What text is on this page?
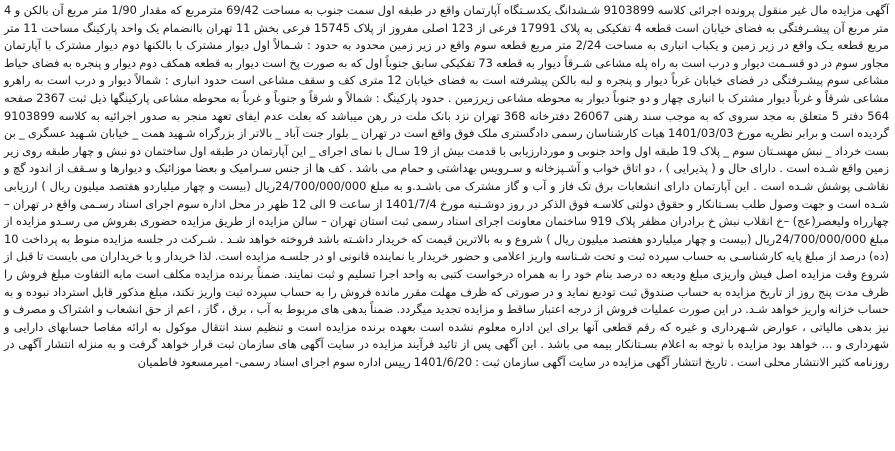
آگهی مزایده مال غیر منقول پرونده اجرائی کلاسه 9103899 شـشدانگ یکدسـتگاه آپارتمان واقع در طبقه اول سمت جنوب به مساحت 69/42 مترمربع که مقدار 1/90 متر مربع آن بالکن و 4 متر مربع آن پیشـرفتگی به فضای خیابان است قطعه 4 تفکیکی به پلاک 17991 فرعی از 123 اصلی مفروز از پلاک 15745 فرعی بخش 11 تهران باانضمام یک واحد پارکینگ مساحت 11 متر مربع قطعه یـک واقع در زیر زمین و یکباب انباری به مساحت 2/24 متر مربع قطعه سوم واقع در زیر زمین محدود به حدود : شـمالاً اول دیوار مشترک با بالکنها دوم دیوار مشترک با آپارتمان مجاور سوم در دو قسـمت دیوار و درب است به راه پله مشاعی شـرقاً دیوار به قطعه 73 تفکیکی سابق جنوباً اول که به صورت پخ است دیوار به قطعه همکف دوم دیوار و پنجره به فضای حیاط مشاعی سوم پیشـرفتگی در فضای خیابان غرباً دیوار و پنجره و لبه بالکن پیشرفته است به فضای خیابان 12 متری کف و سقف مشاعی است حدود انباری : شمالاً دیوار و درب است به راهرو مشاعی شرقاً و غرباً دیوار مشترک با انباری چهار و دو جنوباً دیوار به محوطه مشاعی زیرزمین . حدود پارکینگ : شمالاً و شرقاً و جنوباً و غرباً به محوطه مشاعی پارکینگها ذیل ثبت 2367 صفحه 564 دفتر 5 متعلق به مجد سروی که به موجب سند رهنی 26067 دفترخانه 368 تهران نزد بانک ملت در رهن میباشد که بعلت عدم ایفای تعهد منجر به صدور اجرائیه به کلاسه 9103899 گردیده است و برابر نظریه مورخ 1401/03/03 هیات کارشناسان رسمی دادگستری ملک فوق واقع است در تهران _ بلوار جنت آباد _ بالاتر از بزرگراه شـهید همت _ خیابان شـهید عسگری _ بن بست خرداد _ نبش مهسـتان سوم _ پلاک 19 طبقه اول واحد جنوبی و موردارزیابی با قدمت بیش از 19 سـال با نمای اجرای _ این آپارتمان در طبقه اول ساختمان دو نبش و چهار طبقه روی زیر زمین واقع شـده است . دارای حال و ( پذیرایی ) ، دو اتاق خواب و آشـپزخانه و سـرویس بهداشتی و حمام می باشد . کف ها از جنس سـرامیک و بعضا موزائیک و دیوارها و سـقف از اندود گچ و نقاشـی پوشش شـده است . این آپارتمان دارای انشعابات برق تک فاز و آب و گاز مشترک می باشـد.و به مبلغ 24/700/000/000ریال (بیست و چهار میلیاردو هفتصد میلیون ریال ) ارزیابی شـده است و جهت وصول طلب بسـتانکار و حقوق دولتی کلاسـه فوق الذکر در روز دوشـنبه مورخ 1401/7/4 از ساعت 9 الی 12 ظهر در محل اداره سوم اجرای اسناد رسـمی واقع در تهران – چهارراه ولیعصر(عج) –خ انقلاب نبش خ برادران مظفر پلاک 919 ساختمان معاونت اجرای اسناد رسمی ثبت استان تهران – سالن مزایده از طریق مزایده حضوری بفروش می رسـدو مزایده از مبلغ 24/700/000/000ریال (بیست و چهار میلیاردو هفتصد میلیون ریال ) شروع و به بالاترین قیمت که خریدار داشـته باشد فروخته خواهد شـد . شـرکت در جلسه مزایده منوط به پرداخت 10 (ده) درصد از مبلغ پایه کارشناسـی به حساب سپرده ثبت و تحت شـناسه واریز اعلامی و حضور خریدار یا نماینده قانونی او در جلسـه مزایده است. لذا خریدار و یا خریداران می بایست تا قبل از شروع وقت مزایده اصل فیش واریزی مبلغ ودیعه ده درصد بنام خود را به همراه درخواست کتبی به واحد اجرا تسلیم و ثبت نمایند. ضمناً برنده مزایده مکلف است مابه التفاوت مبلغ فروش را ظرف مدت پنج روز از تاریخ مزایده به حساب صندوق ثبت تودیع نماید و در صورتی که ظرف مهلت مقرر مانده فروش را به حساب سپرده ثبت واریز نکند، مبلغ مذکور قابل استرداد نبوده و به حساب خزانه واریز خواهد شـد. در این صورت عملیات فروش از درجه اعتبار ساقط و مزایده تجدید میگردد. ضمناً بدهی های مربوط به آب ، برق ، گاز ، اعم از حق انشعاب و اشتراک و مصرف و نیز بدهی مالیاتی ، عوارض شـهرداری و غیره که رقم قطعی آنها برای این اداره معلوم نشده است بعهده برنده مزایده است و تنظیم سند انتقال موکول به ارائه مفاصا حسابهای دارایی و شهرداری و ... خواهد بود مزایده با توجه به اعلام بسـتانکار بیمه می باشد . این آگهی پس از تائید فرآیند مزایده در سایت آگهی های سازمان ثبت قرار خواهد گرفت و به منزله انتشار آگهی در روزنامه کثیر الانتشار محلی است . تاریخ انتشار آگهی مزایده در سایت آگهی سازمان ثبت : 1401/6/20 رییس اداره سوم اجرای اسناد رسمی- امیرمسعود فاطمیان
